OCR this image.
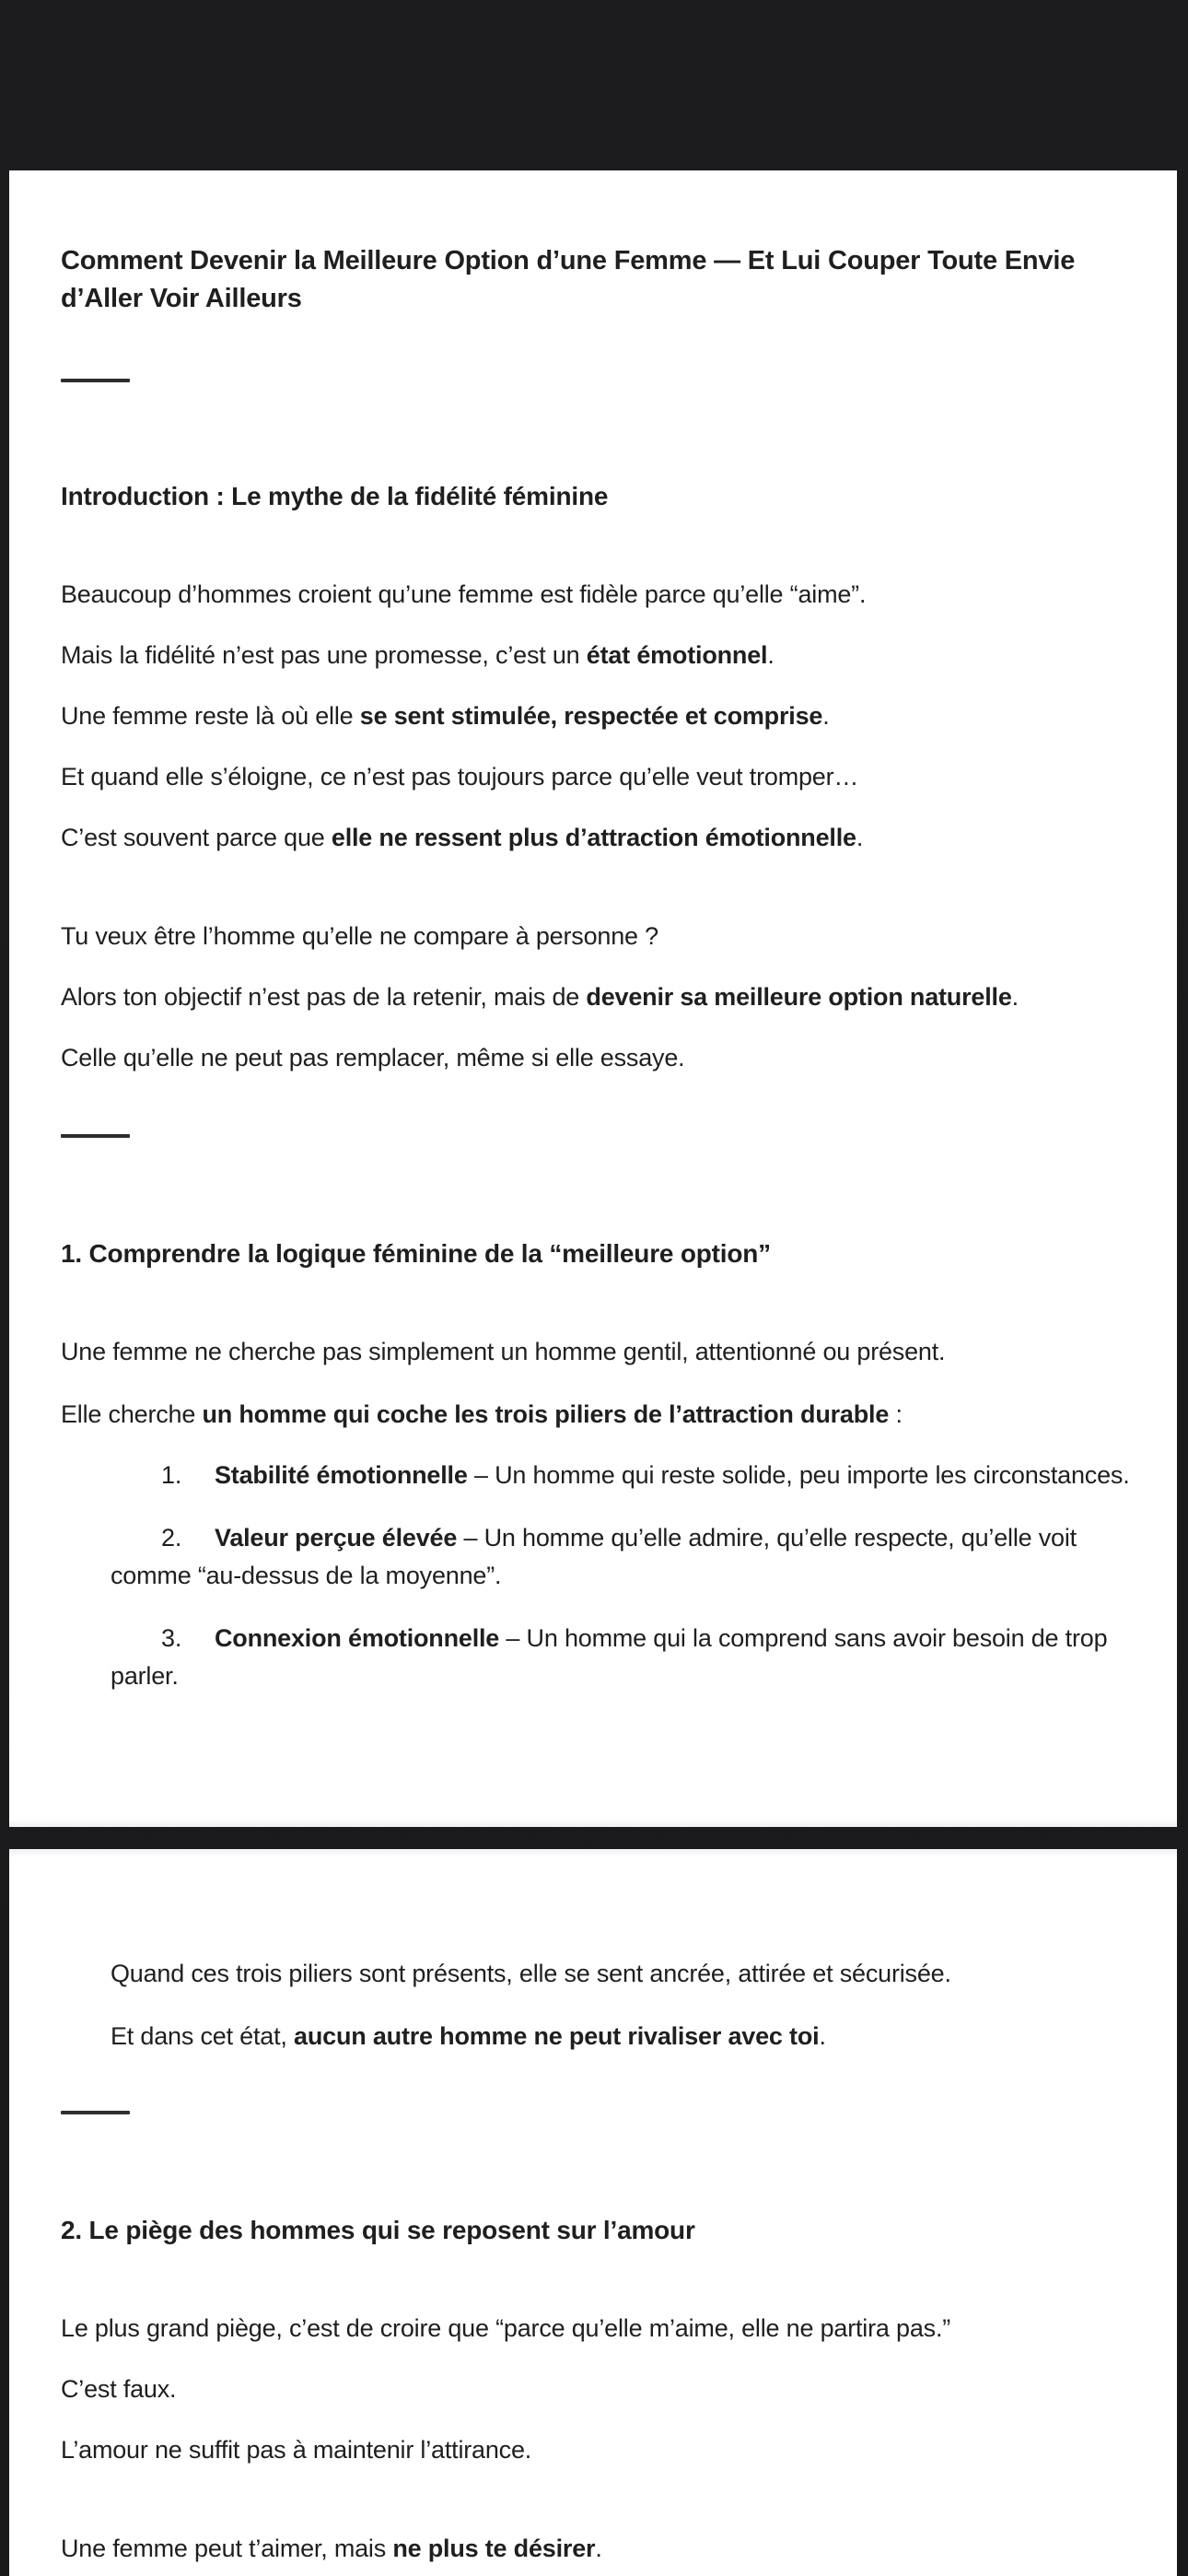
Comment Devenir la Meilleure Option d’une Femme — Et Lui Couper Toute Envie
d’Aller Voir Ailleurs
Introduction : Le mythe de la fidélité féminine

Beaucoup d’hommes croient qu’une femme est fidèle parce qu’elle “aime”.

Mais la fidélité n’est pas une promesse, c’est un état émotionnel.

Une femme reste là où elle se sent stimulée, respectée et comprise.

Et quand elle s’éloigne, ce n’est pas toujours parce qu’elle veut tromper…

C’est souvent parce que elle ne ressent plus d’attraction émotionnelle.

Tu veux être l’homme qu’elle ne compare à personne ?

Alors ton objectif n’est pas de la retenir, mais de devenir sa meilleure option naturelle.

Celle qu’elle ne peut pas remplacer, même si elle essaye.

1. Comprendre la logique féminine de la “meilleure option”

Une femme ne cherche pas simplement un homme gentil, attentionné ou présent.

Elle cherche un homme qui coche les trois piliers de l’attraction durable :

1. Stabilité émotionnelle – Un homme qui reste solide, peu importe les circonstances.
2. Valeur perçue élevée – Un homme qu’elle admire, qu’elle respecte, qu’elle voit comme “au-dessus de la moyenne”.
3. Connexion émotionnelle – Un homme qui la comprend sans avoir besoin de trop parler.

Quand ces trois piliers sont présents, elle se sent ancrée, attirée et sécurisée.

Et dans cet état, aucun autre homme ne peut rivaliser avec toi.

2. Le piège des hommes qui se reposent sur l’amour

Le plus grand piège, c’est de croire que “parce qu’elle m’aime, elle ne partira pas.”

C’est faux.

L’amour ne suffit pas à maintenir l’attirance.

Une femme peut t’aimer, mais ne plus te désirer.
